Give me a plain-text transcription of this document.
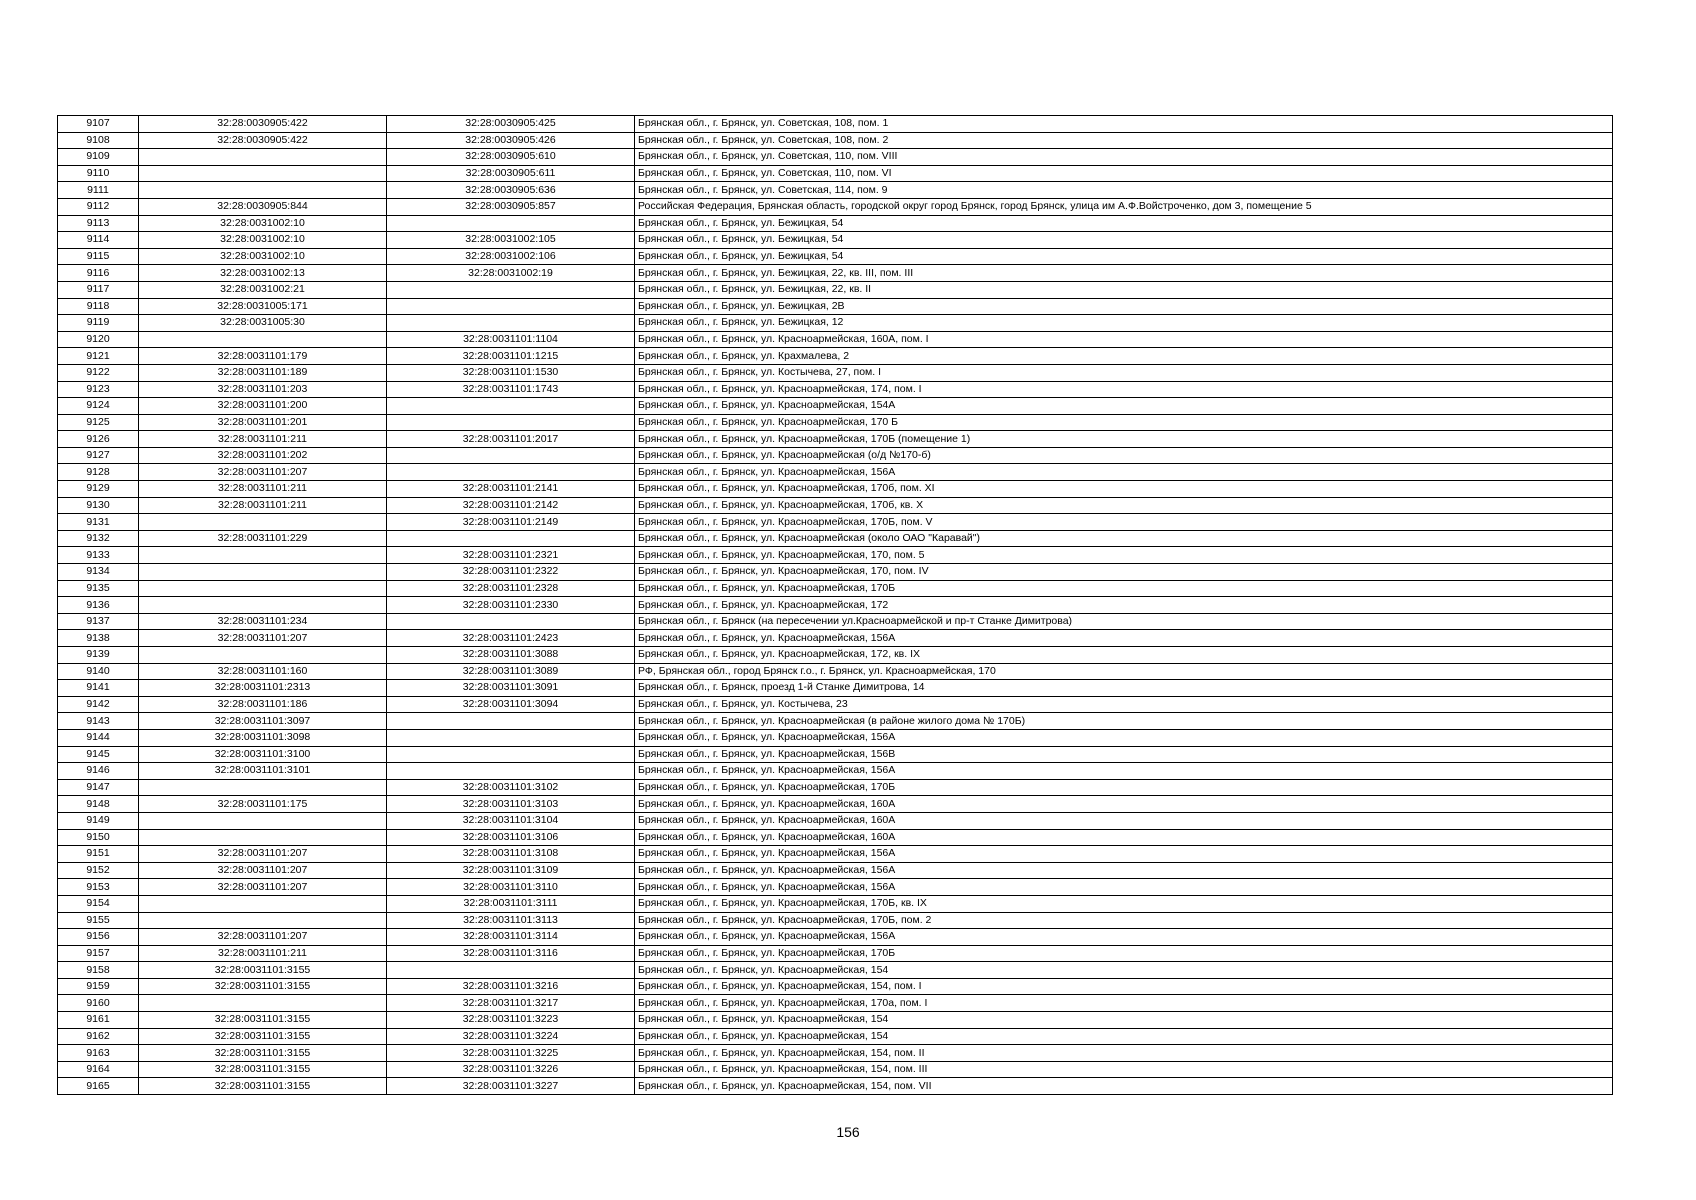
9107	32:28:0030905:422	32:28:0030905:425	Брянская обл., г. Брянск, ул. Советская, 108, пом. 1
9108	32:28:0030905:422	32:28:0030905:426	Брянская обл., г. Брянск, ул. Советская, 108, пом. 2
9109		32:28:0030905:610	Брянская обл., г. Брянск, ул. Советская, 110, пом. VIII
9110		32:28:0030905:611	Брянская обл., г. Брянск, ул. Советская, 110, пом. VI
9111		32:28:0030905:636	Брянская обл., г. Брянск, ул. Советская, 114, пом. 9
9112	32:28:0030905:844	32:28:0030905:857	Российская Федерация, Брянская область, городской округ город Брянск, город Брянск, улица им А.Ф.Войстроченко, дом 3, помещение 5
9113	32:28:0031002:10		Брянская обл., г. Брянск, ул. Бежицкая, 54
9114	32:28:0031002:10	32:28:0031002:105	Брянская обл., г. Брянск, ул. Бежицкая, 54
9115	32:28:0031002:10	32:28:0031002:106	Брянская обл., г. Брянск, ул. Бежицкая, 54
9116	32:28:0031002:13	32:28:0031002:19	Брянская обл., г. Брянск, ул. Бежицкая, 22, кв. III, пом. III
9117	32:28:0031002:21		Брянская обл., г. Брянск, ул. Бежицкая, 22, кв. II
9118	32:28:0031005:171		Брянская обл., г. Брянск, ул. Бежицкая, 2В
9119	32:28:0031005:30		Брянская обл., г. Брянск, ул. Бежицкая, 12
9120		32:28:0031101:1104	Брянская обл., г. Брянск, ул. Красноармейская, 160А, пом. I
9121	32:28:0031101:179	32:28:0031101:1215	Брянская обл., г. Брянск, ул. Крахмалева, 2
9122	32:28:0031101:189	32:28:0031101:1530	Брянская обл., г. Брянск, ул. Костычева, 27, пом. I
9123	32:28:0031101:203	32:28:0031101:1743	Брянская обл., г. Брянск, ул. Красноармейская, 174, пом. I
9124	32:28:0031101:200		Брянская обл., г. Брянск, ул. Красноармейская, 154А
9125	32:28:0031101:201		Брянская обл., г. Брянск, ул. Красноармейская, 170 Б
9126	32:28:0031101:211	32:28:0031101:2017	Брянская обл., г. Брянск, ул. Красноармейская, 170Б (помещение 1)
9127	32:28:0031101:202		Брянская обл., г. Брянск, ул. Красноармейская (о/д №170-б)
9128	32:28:0031101:207		Брянская обл., г. Брянск, ул. Красноармейская, 156А
9129	32:28:0031101:211	32:28:0031101:2141	Брянская обл., г. Брянск, ул. Красноармейская, 170б, пом. XI
9130	32:28:0031101:211	32:28:0031101:2142	Брянская обл., г. Брянск, ул. Красноармейская, 170б, кв. X
9131		32:28:0031101:2149	Брянская обл., г. Брянск, ул. Красноармейская, 170Б, пом. V
9132	32:28:0031101:229		Брянская обл., г. Брянск, ул. Красноармейская (около ОАО "Каравай")
9133		32:28:0031101:2321	Брянская обл., г. Брянск, ул. Красноармейская, 170, пом. 5
9134		32:28:0031101:2322	Брянская обл., г. Брянск, ул. Красноармейская, 170, пом. IV
9135		32:28:0031101:2328	Брянская обл., г. Брянск, ул. Красноармейская, 170Б
9136		32:28:0031101:2330	Брянская обл., г. Брянск, ул. Красноармейская, 172
9137	32:28:0031101:234		Брянская обл., г. Брянск (на пересечении ул.Красноармейской и пр-т Станке Димитрова)
9138	32:28:0031101:207	32:28:0031101:2423	Брянская обл., г. Брянск, ул. Красноармейская, 156А
9139		32:28:0031101:3088	Брянская обл., г. Брянск, ул. Красноармейская, 172, кв. IX
9140	32:28:0031101:160	32:28:0031101:3089	РФ, Брянская обл., город Брянск г.о., г. Брянск, ул. Красноармейская, 170
9141	32:28:0031101:2313	32:28:0031101:3091	Брянская обл., г. Брянск, проезд 1-й Станке Димитрова, 14
9142	32:28:0031101:186	32:28:0031101:3094	Брянская обл., г. Брянск, ул. Костычева, 23
9143	32:28:0031101:3097		Брянская обл., г. Брянск, ул. Красноармейская (в районе жилого дома № 170Б)
9144	32:28:0031101:3098		Брянская обл., г. Брянск, ул. Красноармейская, 156А
9145	32:28:0031101:3100		Брянская обл., г. Брянск, ул. Красноармейская, 156В
9146	32:28:0031101:3101		Брянская обл., г. Брянск, ул. Красноармейская, 156А
9147		32:28:0031101:3102	Брянская обл., г. Брянск, ул. Красноармейская, 170Б
9148	32:28:0031101:175	32:28:0031101:3103	Брянская обл., г. Брянск, ул. Красноармейская, 160А
9149		32:28:0031101:3104	Брянская обл., г. Брянск, ул. Красноармейская, 160А
9150		32:28:0031101:3106	Брянская обл., г. Брянск, ул. Красноармейская, 160А
9151	32:28:0031101:207	32:28:0031101:3108	Брянская обл., г. Брянск, ул. Красноармейская, 156А
9152	32:28:0031101:207	32:28:0031101:3109	Брянская обл., г. Брянск, ул. Красноармейская, 156А
9153	32:28:0031101:207	32:28:0031101:3110	Брянская обл., г. Брянск, ул. Красноармейская, 156А
9154		32:28:0031101:3111	Брянская обл., г. Брянск, ул. Красноармейская, 170Б, кв. IX
9155		32:28:0031101:3113	Брянская обл., г. Брянск, ул. Красноармейская, 170Б, пом. 2
9156	32:28:0031101:207	32:28:0031101:3114	Брянская обл., г. Брянск, ул. Красноармейская, 156А
9157	32:28:0031101:211	32:28:0031101:3116	Брянская обл., г. Брянск, ул. Красноармейская, 170Б
9158	32:28:0031101:3155		Брянская обл., г. Брянск, ул. Красноармейская, 154
9159	32:28:0031101:3155	32:28:0031101:3216	Брянская обл., г. Брянск, ул. Красноармейская, 154, пом. I
9160		32:28:0031101:3217	Брянская обл., г. Брянск, ул. Красноармейская, 170а, пом. I
9161	32:28:0031101:3155	32:28:0031101:3223	Брянская обл., г. Брянск, ул. Красноармейская, 154
9162	32:28:0031101:3155	32:28:0031101:3224	Брянская обл., г. Брянск, ул. Красноармейская, 154
9163	32:28:0031101:3155	32:28:0031101:3225	Брянская обл., г. Брянск, ул. Красноармейская, 154, пом. II
9164	32:28:0031101:3155	32:28:0031101:3226	Брянская обл., г. Брянск, ул. Красноармейская, 154, пом. III
9165	32:28:0031101:3155	32:28:0031101:3227	Брянская обл., г. Брянск, ул. Красноармейская, 154, пом. VII
156
